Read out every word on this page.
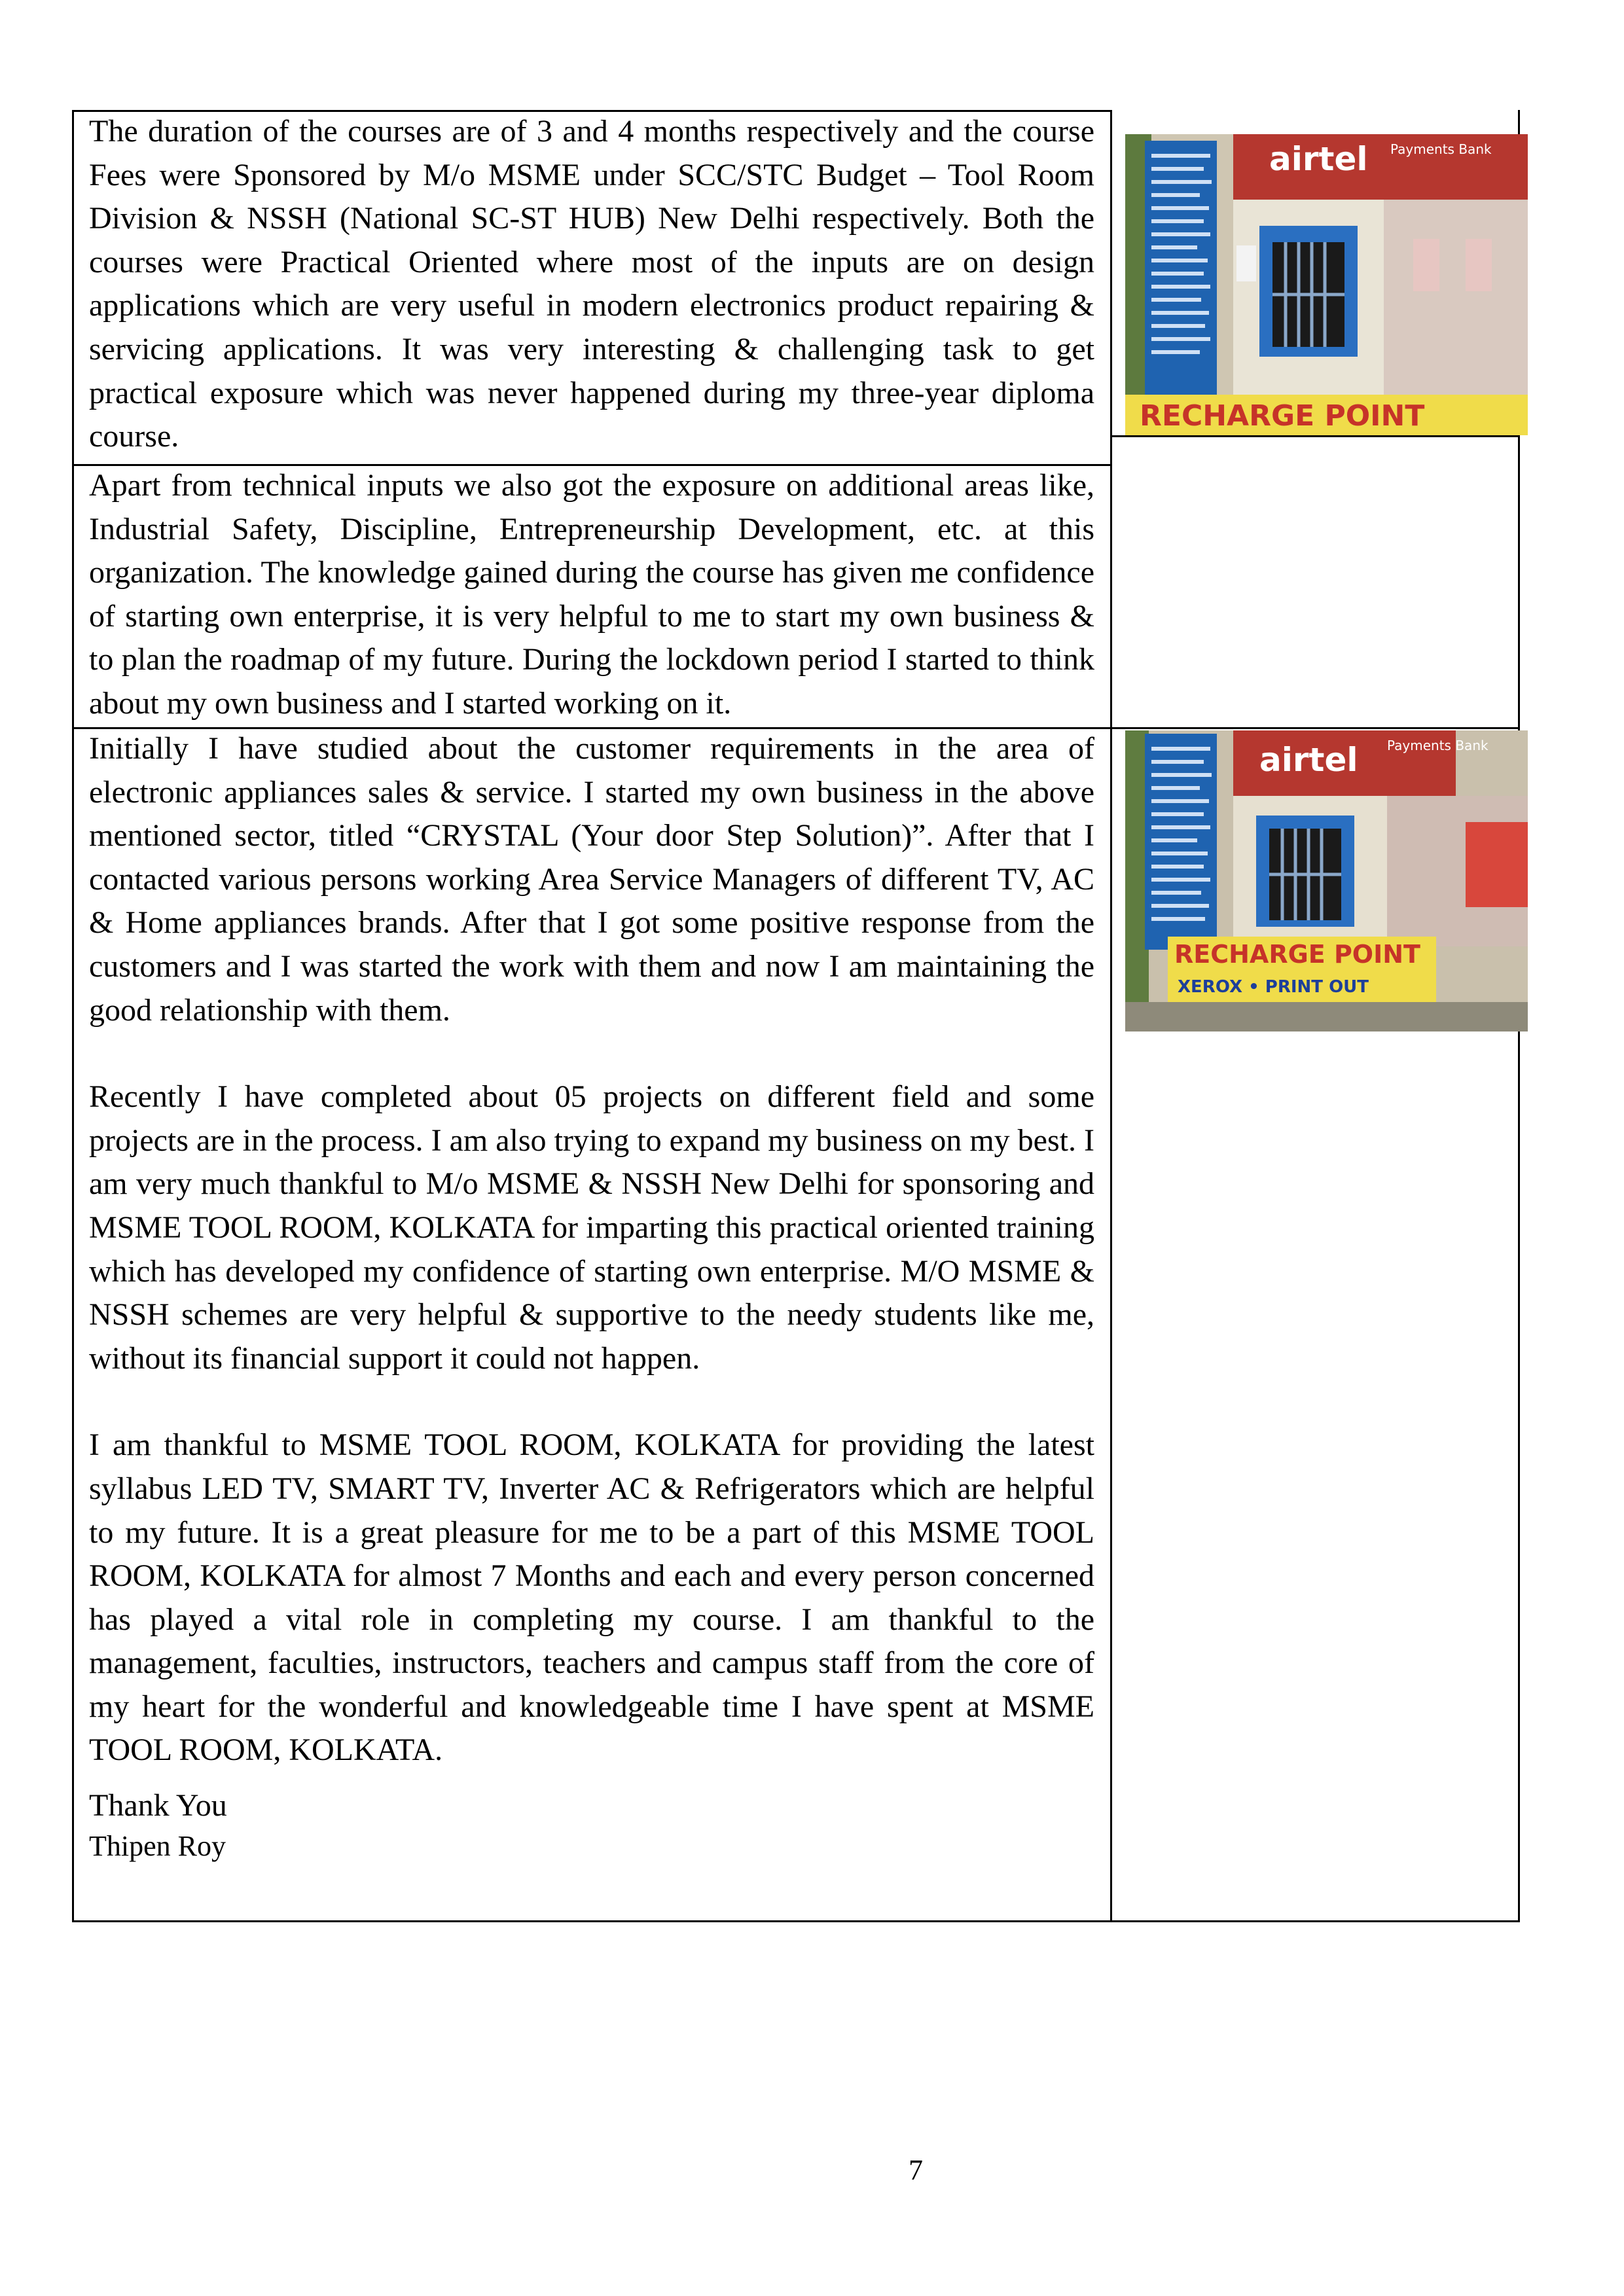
The duration of the courses are of 3 and 4 months respectively and the course Fees were Sponsored by M/o MSME under SCC/STC Budget – Tool Room Division & NSSH (National SC-ST HUB) New Delhi respectively. Both the courses were Practical Oriented where most of the inputs are on design applications which are very useful in modern electronics product repairing & servicing applications. It was very interesting & challenging task to get practical exposure which was never happened during my three-year diploma course.

RECHARGE POINT
airtel Payments Bank

Apart from technical inputs we also got the exposure on additional areas like, Industrial Safety, Discipline, Entrepreneurship Development, etc. at this organization. The knowledge gained during the course has given me confidence of starting own enterprise, it is very helpful to me to start my own business & to plan the roadmap of my future. During the lockdown period I started to think about my own business and I started working on it.

Initially I have studied about the customer requirements in the area of electronic appliances sales & service. I started my own business in the above mentioned sector, titled “CRYSTAL (Your door Step Solution)”. After that I contacted various persons working Area Service Managers of different TV, AC & Home appliances brands. After that I got some positive response from the customers and I was started the work with them and now I am maintaining the good relationship with them.

Recently I have completed about 05 projects on different field and some projects are in the process. I am also trying to expand my business on my best. I am very much thankful to M/o MSME & NSSH New Delhi for sponsoring and MSME TOOL ROOM, KOLKATA for imparting this practical oriented training which has developed my confidence of starting own enterprise. M/O MSME & NSSH schemes are very helpful & supportive to the needy students like me, without its financial support it could not happen.

I am thankful to MSME TOOL ROOM, KOLKATA for providing the latest syllabus LED TV, SMART TV, Inverter AC & Refrigerators which are helpful to my future. It is a great pleasure for me to be a part of this MSME TOOL ROOM, KOLKATA for almost 7 Months and each and every person concerned has played a vital role in completing my course. I am thankful to the management, faculties, instructors, teachers and campus staff from the core of my heart for the wonderful and knowledgeable time I have spent at MSME TOOL ROOM, KOLKATA.

Thank You

Thipen Roy

RECHARGE POINT
XEROX • PRINT OUT
airtel Payments Bank
7
